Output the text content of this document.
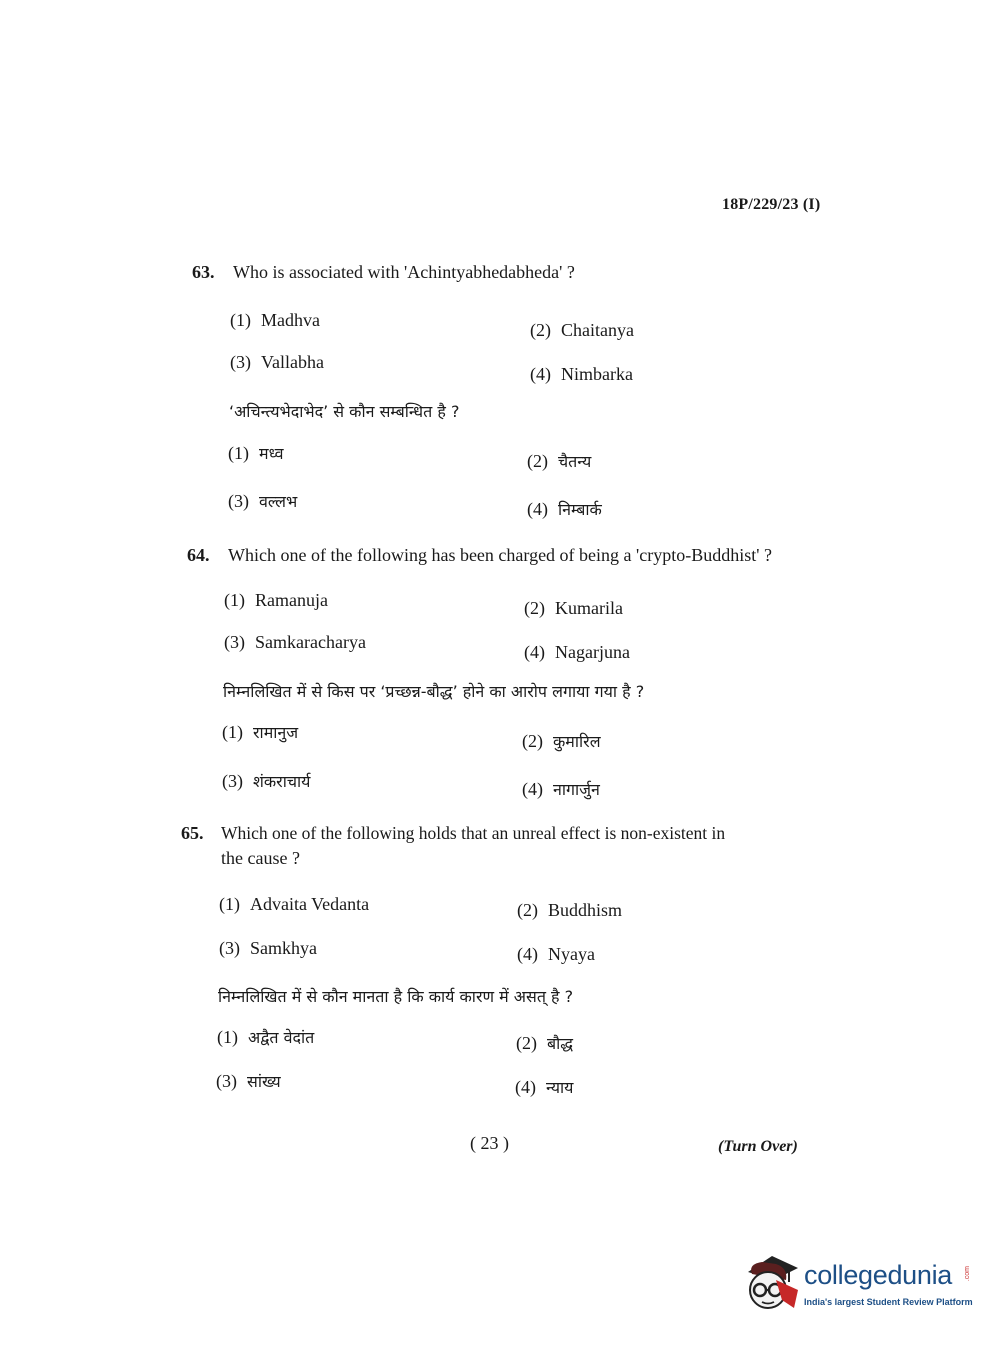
18P/229/23 (I)
63. Who is associated with 'Achintyabhedabheda' ?
(1) Madhva	(2) Chaitanya
(3) Vallabha
(4) Nimbarka
‘अचिन्त्यभेदाभेद’ से कौन सम्बन्धित है ?
(1) मध्व	(2) चैतन्य
(3) वल्लभ	(4) निम्बार्क
64. Which one of the following has been charged of being a 'crypto-Buddhist' ?
(1) Ramanuja	(2) Kumarila
(3) Samkaracharya	(4) Nagarjuna
निम्नलिखित में से किस पर ‘प्रच्छन्न-बौद्ध’ होने का आरोप लगाया गया है ?
(1) रामानुज	(2) कुमारिल
(3) शंकराचार्य	(4) नागार्जुन
65. Which one of the following holds that an unreal effect is non-existent in
the cause ?
(1) Advaita Vedanta	(2) Buddhism
(3) Samkhya	(4) Nyaya
निम्नलिखित में से कौन मानता है कि कार्य कारण में असत् है ?
(1) अद्वैत वेदांत	(2) बौद्ध
(3) सांख्य	(4) न्याय
( 23 )	(Turn Over)
collegedunia .com
India's largest Student Review Platform
